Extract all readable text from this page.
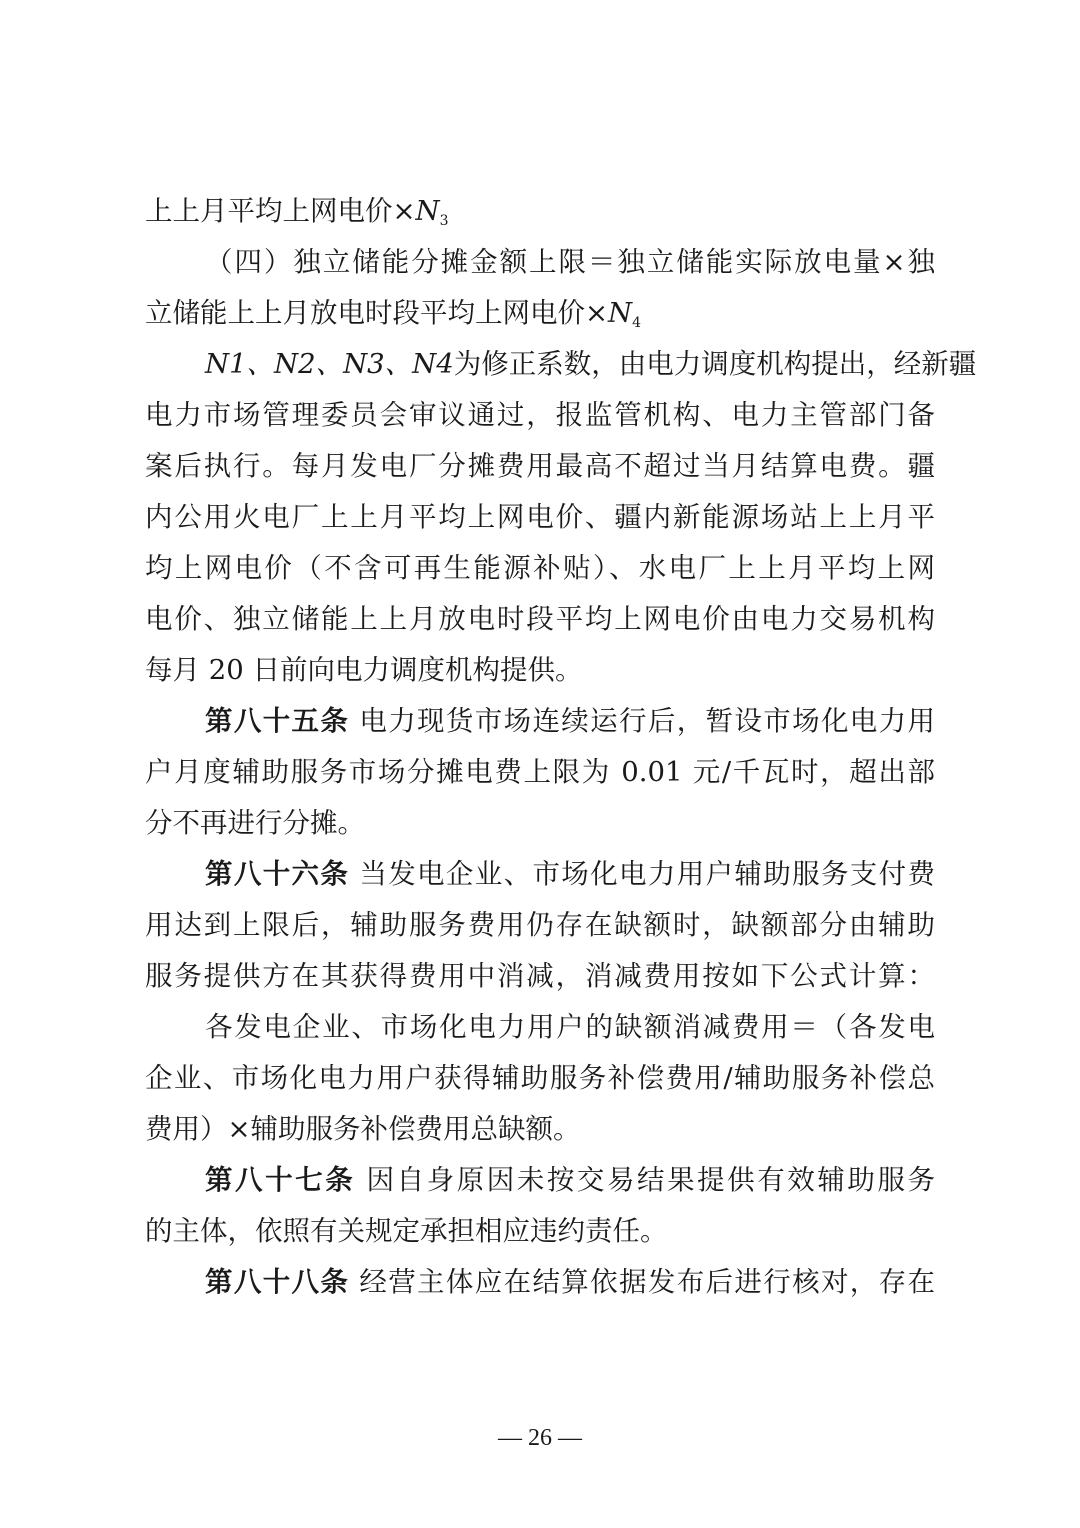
上上月平均上网电价$\times N_3$
（四）独立储能分摊金额上限＝独立储能实际放电量×独
立储能上上月放电时段平均上网电价$\times N_4$
N1、N2、N3、N4为修正系数，由电力调度机构提出，经新疆
电力市场管理委员会审议通过，报监管机构、电力主管部门备
案后执行。每月发电厂分摊费用最高不超过当月结算电费。疆
内公用火电厂上上月平均上网电价、疆内新能源场站上上月平
均上网电价（不含可再生能源补贴）、水电厂上上月平均上网
电价、独立储能上上月放电时段平均上网电价由电力交易机构
每月 20 日前向电力调度机构提供。
第八十五条 电力现货市场连续运行后，暂设市场化电力用
户月度辅助服务市场分摊电费上限为 0.01 元/千瓦时，超出部
分不再进行分摊。
第八十六条 当发电企业、市场化电力用户辅助服务支付费
用达到上限后，辅助服务费用仍存在缺额时，缺额部分由辅助
服务提供方在其获得费用中消减，消减费用按如下公式计算：
各发电企业、市场化电力用户的缺额消减费用＝（各发电
企业、市场化电力用户获得辅助服务补偿费用/辅助服务补偿总
费用）×辅助服务补偿费用总缺额。
第八十七条 因自身原因未按交易结果提供有效辅助服务
的主体，依照有关规定承担相应违约责任。
第八十八条 经营主体应在结算依据发布后进行核对，存在
— 26 —
